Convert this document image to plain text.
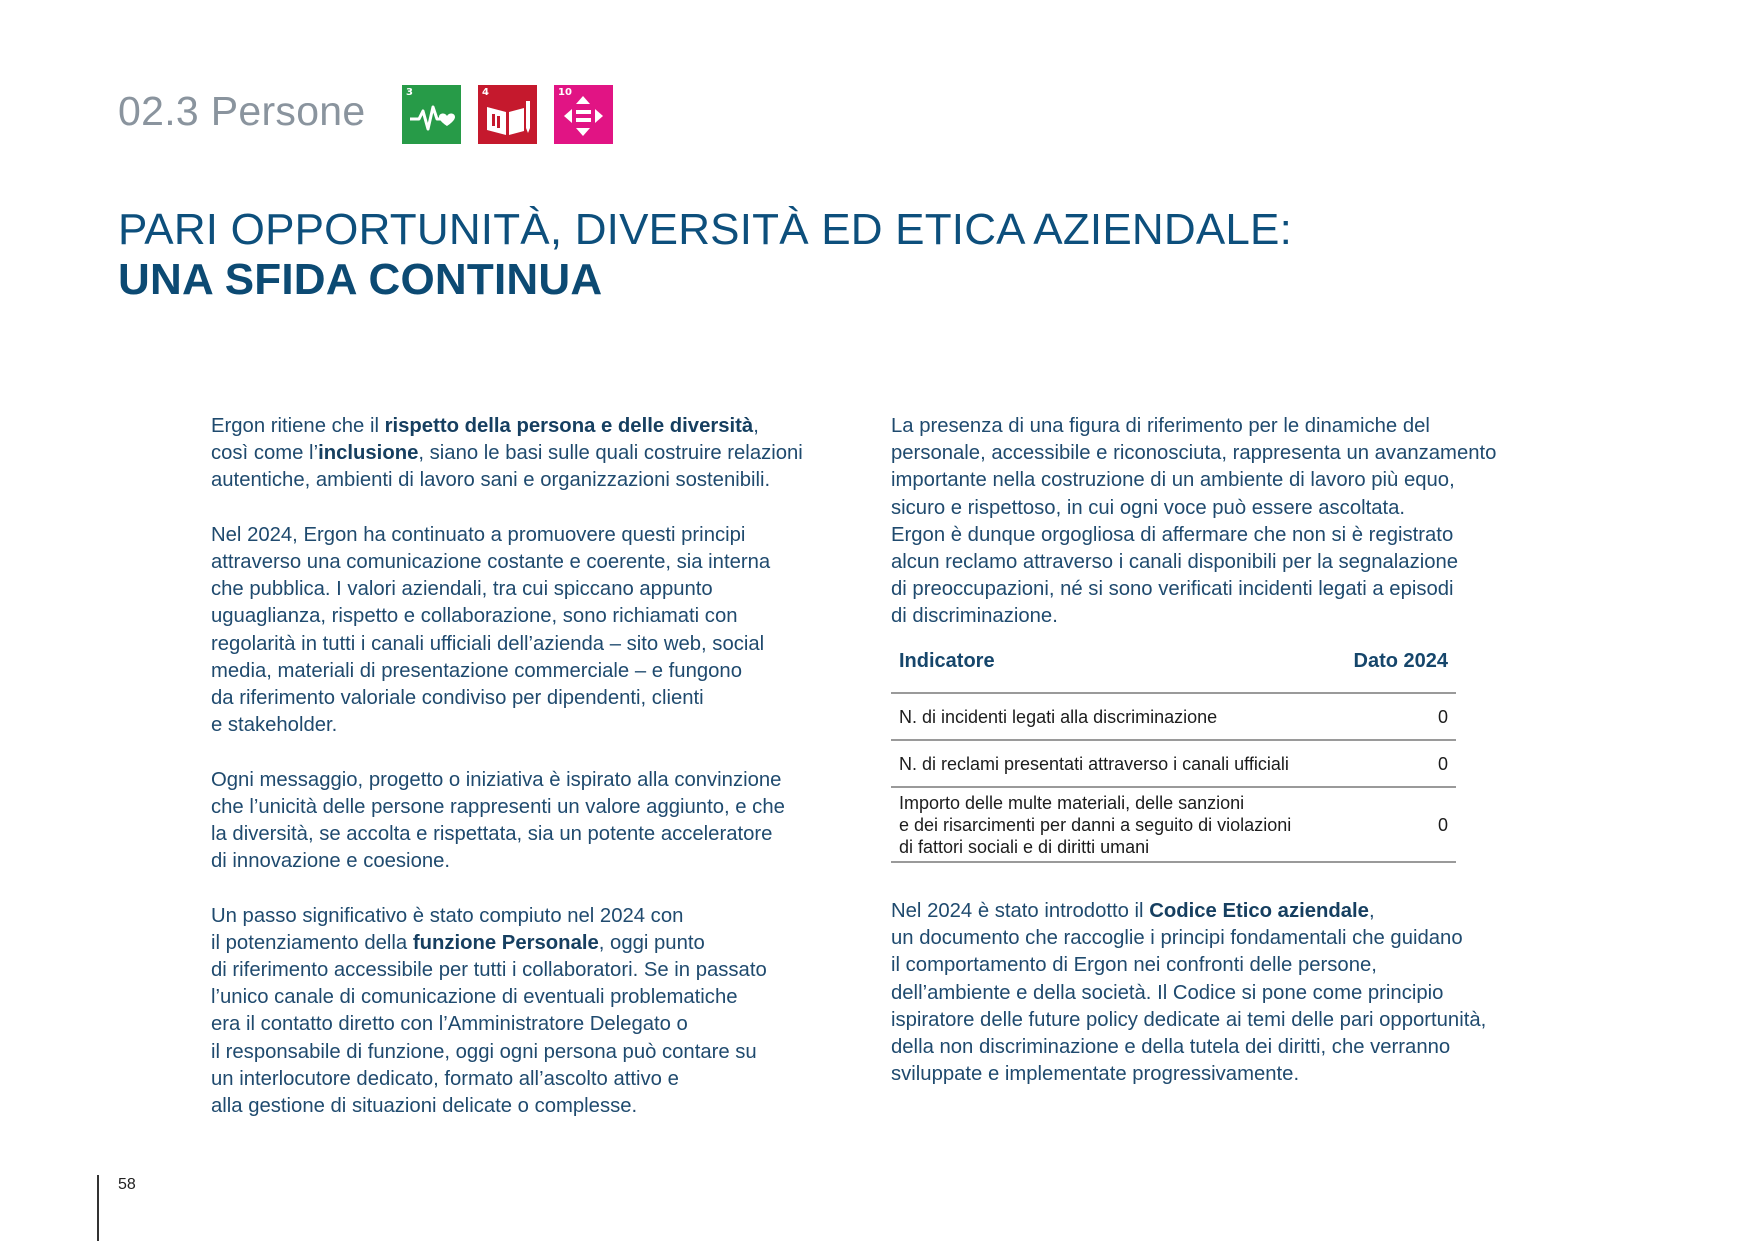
02.3 Persone	3	4	10
PARI OPPORTUNITÀ, DIVERSITÀ ED ETICA AZIENDALE:
UNA SFIDA CONTINUA

Ergon ritiene che il rispetto della persona e delle diversità,
così come l’inclusione, siano le basi sulle quali costruire relazioni
autentiche, ambienti di lavoro sani e organizzazioni sostenibili.

Nel 2024, Ergon ha continuato a promuovere questi principi
attraverso una comunicazione costante e coerente, sia interna
che pubblica. I valori aziendali, tra cui spiccano appunto
uguaglianza, rispetto e collaborazione, sono richiamati con
regolarità in tutti i canali ufficiali dell’azienda – sito web, social
media, materiali di presentazione commerciale – e fungono
da riferimento valoriale condiviso per dipendenti, clienti
e stakeholder.

Ogni messaggio, progetto o iniziativa è ispirato alla convinzione
che l’unicità delle persone rappresenti un valore aggiunto, e che
la diversità, se accolta e rispettata, sia un potente acceleratore
di innovazione e coesione.

Un passo significativo è stato compiuto nel 2024 con
il potenziamento della funzione Personale, oggi punto
di riferimento accessibile per tutti i collaboratori. Se in passato
l’unico canale di comunicazione di eventuali problematiche
era il contatto diretto con l’Amministratore Delegato o
il responsabile di funzione, oggi ogni persona può contare su
un interlocutore dedicato, formato all’ascolto attivo e
alla gestione di situazioni delicate o complesse.

La presenza di una figura di riferimento per le dinamiche del
personale, accessibile e riconosciuta, rappresenta un avanzamento
importante nella costruzione di un ambiente di lavoro più equo,
sicuro e rispettoso, in cui ogni voce può essere ascoltata.
Ergon è dunque orgogliosa di affermare che non si è registrato
alcun reclamo attraverso i canali disponibili per la segnalazione
di preoccupazioni, né si sono verificati incidenti legati a episodi
di discriminazione.

Indicatore	Dato 2024
N. di incidenti legati alla discriminazione	0
N. di reclami presentati attraverso i canali ufficiali	0

Importo delle multe materiali, delle sanzioni
e dei risarcimenti per danni a seguito di violazioni
di fattori sociali e di diritti umani	0

Nel 2024 è stato introdotto il Codice Etico aziendale,
un documento che raccoglie i principi fondamentali che guidano
il comportamento di Ergon nei confronti delle persone,
dell’ambiente e della società. Il Codice si pone come principio
ispiratore delle future policy dedicate ai temi delle pari opportunità,
della non discriminazione e della tutela dei diritti, che verranno
sviluppate e implementate progressivamente.

58
